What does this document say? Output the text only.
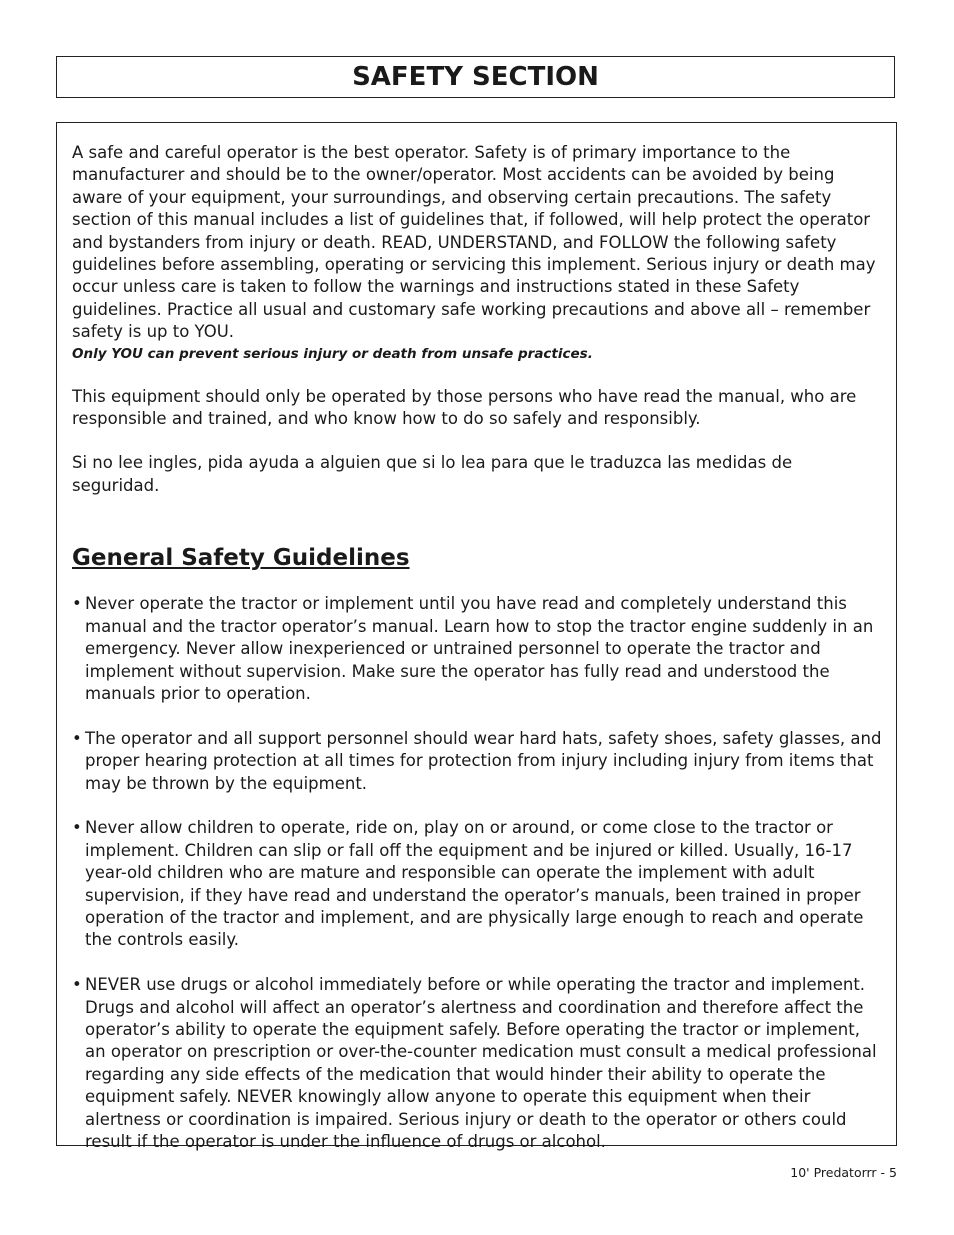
SAFETY SECTION

A safe and careful operator is the best operator. Safety is of primary importance to the manufacturer and should be to the owner/operator. Most accidents can be avoided by being aware of your equipment, your surroundings, and observing certain precautions. The safety section of this manual includes a list of guidelines that, if followed, will help protect the operator and bystanders from injury or death. READ, UNDERSTAND, and FOLLOW the following safety guidelines before assembling, operating or servicing this implement. Serious injury or death may occur unless care is taken to follow the warnings and instructions stated in these Safety guidelines. Practice all usual and customary safe working precautions and above all – remember safety is up to YOU.

Only YOU can prevent serious injury or death from unsafe practices.

This equipment should only be operated by those persons who have read the manual, who are responsible and trained, and who know how to do so safely and responsibly.

Si no lee ingles, pida ayuda a alguien que si lo lea para que le traduzca las medidas de seguridad.

General Safety Guidelines
• Never operate the tractor or implement until you have read and completely understand this manual and the tractor operator’s manual. Learn how to stop the tractor engine suddenly in an emergency. Never allow inexperienced or untrained personnel to operate the tractor and implement without supervision. Make sure the operator has fully read and understood the manuals prior to operation.
• The operator and all support personnel should wear hard hats, safety shoes, safety glasses, and proper hearing protection at all times for protection from injury including injury from items that may be thrown by the equipment.
• Never allow children to operate, ride on, play on or around, or come close to the tractor or implement. Children can slip or fall off the equipment and be injured or killed. Usually, 16-17 year-old children who are mature and responsible can operate the implement with adult supervision, if they have read and understand the operator’s manuals, been trained in proper operation of the tractor and implement, and are physically large enough to reach and operate the controls easily.
• NEVER use drugs or alcohol immediately before or while operating the tractor and implement. Drugs and alcohol will affect an operator’s alertness and coordination and therefore affect the operator’s ability to operate the equipment safely. Before operating the tractor or implement, an operator on prescription or over-the-counter medication must consult a medical professional regarding any side effects of the medication that would hinder their ability to operate the equipment safely. NEVER knowingly allow anyone to operate this equipment when their alertness or coordination is impaired. Serious injury or death to the operator or others could result if the operator is under the influence of drugs or alcohol.
10' Predatorrr - 5
